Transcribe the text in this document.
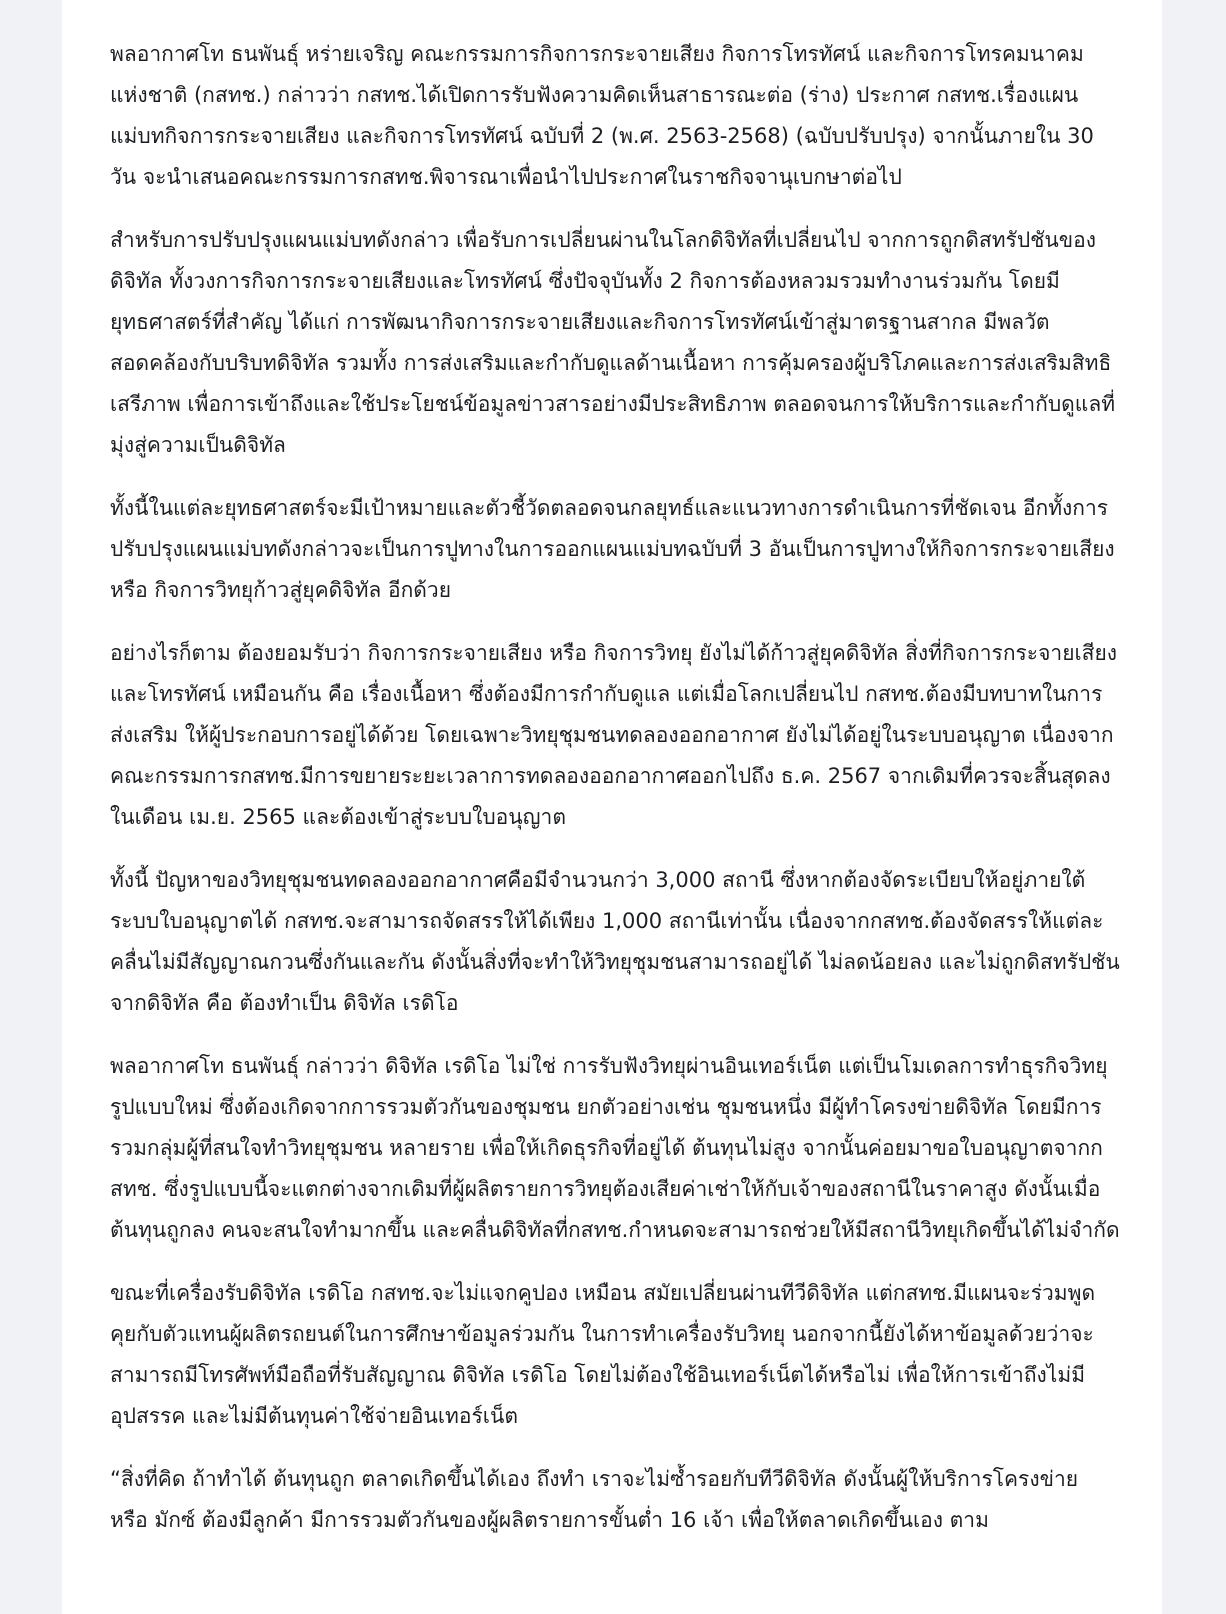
พลอากาศโท ธนพันธุ์ หร่ายเจริญ คณะกรรมการกิจการกระจายเสียง กิจการโทรทัศน์ และกิจการโทรคมนาคมแห่งชาติ (กสทช.) กล่าวว่า กสทช.ได้เปิดการรับฟังความคิดเห็นสาธารณะต่อ (ร่าง) ประกาศ กสทช.เรื่องแผนแม่บทกิจการกระจายเสียง และกิจการโทรทัศน์ ฉบับที่ 2 (พ.ศ. 2563-2568) (ฉบับปรับปรุง) จากนั้นภายใน 30 วัน จะนำเสนอคณะกรรมการกสทช.พิจารณาเพื่อนำไปประกาศในราชกิจจานุเบกษาต่อไป

สำหรับการปรับปรุงแผนแม่บทดังกล่าว เพื่อรับการเปลี่ยนผ่านในโลกดิจิทัลที่เปลี่ยนไป จากการถูกดิสทรัปชันของดิจิทัล ทั้งวงการกิจการกระจายเสียงและโทรทัศน์ ซึ่งปัจจุบันทั้ง 2 กิจการต้องหลวมรวมทำงานร่วมกัน โดยมียุทธศาสตร์ที่สำคัญ ได้แก่ การพัฒนากิจการกระจายเสียงและกิจการโทรทัศน์เข้าสู่มาตรฐานสากล มีพลวัตสอดคล้องกับบริบทดิจิทัล รวมทั้ง การส่งเสริมและกำกับดูแลด้านเนื้อหา การคุ้มครองผู้บริโภคและการส่งเสริมสิทธิเสรีภาพ เพื่อการเข้าถึงและใช้ประโยชน์ข้อมูลข่าวสารอย่างมีประสิทธิภาพ ตลอดจนการให้บริการและกำกับดูแลที่มุ่งสู่ความเป็นดิจิทัล

ทั้งนี้ในแต่ละยุทธศาสตร์จะมีเป้าหมายและตัวชี้วัดตลอดจนกลยุทธ์และแนวทางการดำเนินการที่ชัดเจน อีกทั้งการปรับปรุงแผนแม่บทดังกล่าวจะเป็นการปูทางในการออกแผนแม่บทฉบับที่ 3 อันเป็นการปูทางให้กิจการกระจายเสียง หรือ กิจการวิทยุก้าวสู่ยุคดิจิทัล อีกด้วย

อย่างไรก็ตาม ต้องยอมรับว่า กิจการกระจายเสียง หรือ กิจการวิทยุ ยังไม่ได้ก้าวสู่ยุคดิจิทัล สิ่งที่กิจการกระจายเสียง และโทรทัศน์ เหมือนกัน คือ เรื่องเนื้อหา ซึ่งต้องมีการกำกับดูแล แต่เมื่อโลกเปลี่ยนไป กสทช.ต้องมีบทบาทในการ ส่งเสริม ให้ผู้ประกอบการอยู่ได้ด้วย โดยเฉพาะวิทยุชุมชนทดลองออกอากาศ ยังไม่ได้อยู่ในระบบอนุญาต เนื่องจากคณะกรรมการกสทช.มีการขยายระยะเวลาการทดลองออกอากาศออกไปถึง ธ.ค. 2567 จากเดิมที่ควรจะสิ้นสุดลงในเดือน เม.ย. 2565 และต้องเข้าสู่ระบบใบอนุญาต

ทั้งนี้ ปัญหาของวิทยุชุมชนทดลองออกอากาศคือมีจำนวนกว่า 3,000 สถานี ซึ่งหากต้องจัดระเบียบให้อยู่ภายใต้ระบบใบอนุญาตได้ กสทช.จะสามารถจัดสรรให้ได้เพียง 1,000 สถานีเท่านั้น เนื่องจากกสทช.ต้องจัดสรรให้แต่ละคลื่นไม่มีสัญญาณกวนซึ่งกันและกัน ดังนั้นสิ่งที่จะทำให้วิทยุชุมชนสามารถอยู่ได้ ไม่ลดน้อยลง และไม่ถูกดิสทรัปชันจากดิจิทัล คือ ต้องทำเป็น ดิจิทัล เรดิโอ

พลอากาศโท ธนพันธุ์ กล่าวว่า ดิจิทัล เรดิโอ ไม่ใช่ การรับฟังวิทยุผ่านอินเทอร์เน็ต แต่เป็นโมเดลการทำธุรกิจวิทยุรูปแบบใหม่ ซึ่งต้องเกิดจากการรวมตัวกันของชุมชน ยกตัวอย่างเช่น ชุมชนหนึ่ง มีผู้ทำโครงข่ายดิจิทัล โดยมีการรวมกลุ่มผู้ที่สนใจทำวิทยุชุมชน หลายราย เพื่อให้เกิดธุรกิจที่อยู่ได้ ต้นทุนไม่สูง จากนั้นค่อยมาขอใบอนุญาตจากกสทช. ซึ่งรูปแบบนี้จะแตกต่างจากเดิมที่ผู้ผลิตรายการวิทยุต้องเสียค่าเช่าให้กับเจ้าของสถานีในราคาสูง ดังนั้นเมื่อต้นทุนถูกลง คนจะสนใจทำมากขึ้น และคลื่นดิจิทัลที่กสทช.กำหนดจะสามารถช่วยให้มีสถานีวิทยุเกิดขึ้นได้ไม่จำกัด

ขณะที่เครื่องรับดิจิทัล เรดิโอ กสทช.จะไม่แจกคูปอง เหมือน สมัยเปลี่ยนผ่านทีวีดิจิทัล แต่กสทช.มีแผนจะร่วมพูดคุยกับตัวแทนผู้ผลิตรถยนต์ในการศึกษาข้อมูลร่วมกัน ในการทำเครื่องรับวิทยุ นอกจากนี้ยังได้หาข้อมูลด้วยว่าจะสามารถมีโทรศัพท์มือถือที่รับสัญญาณ ดิจิทัล เรดิโอ โดยไม่ต้องใช้อินเทอร์เน็ตได้หรือไม่ เพื่อให้การเข้าถึงไม่มีอุปสรรค และไม่มีต้นทุนค่าใช้จ่ายอินเทอร์เน็ต

“สิ่งที่คิด ถ้าทำได้ ต้นทุนถูก ตลาดเกิดขึ้นได้เอง ถึงทำ เราจะไม่ซ้ำรอยกับทีวีดิจิทัล ดังนั้นผู้ให้บริการโครงข่าย หรือ มักซ์ ต้องมีลูกค้า มีการรวมตัวกันของผู้ผลิตรายการขั้นต่ำ 16 เจ้า เพื่อให้ตลาดเกิดขึ้นเอง ตาม
